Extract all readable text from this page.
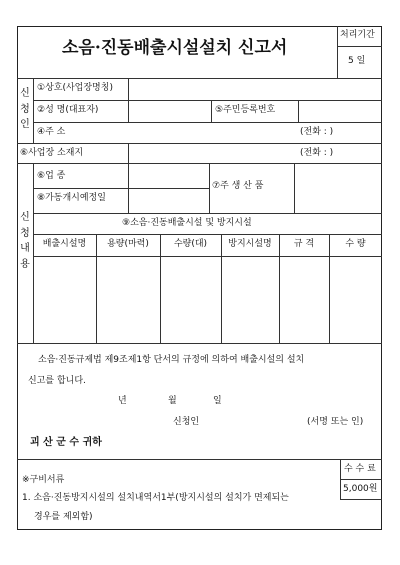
소음·진동배출시설설치 신고서
처리기간
5 일
신청인
①상호(사업장명칭)
②성 명(대표자)	⑤주민등록번호
④주 소	(전화 : )
⑥사업장 소재지	(전화 : )
신청내용
⑥업 종
⑧가동개시예정일
⑦주 생 산 품
⑨소음·진동배출시설 및 방지시설
배출시설명	용량(마력)	수량(대)	방지시설명	규 격	수 량
소음·진동규제법 제9조제1항 단서의 규정에 의하여 배출시설의 설치
신고를 합니다.
년	월	일
신청인	(서명 또는 인)
괴 산 군 수 귀하
※구비서류
1. 소음·진동방지시설의 설치내역서1부(방지시설의 설치가 면제되는
경우를 제외함)
수 수 료
5,000원
